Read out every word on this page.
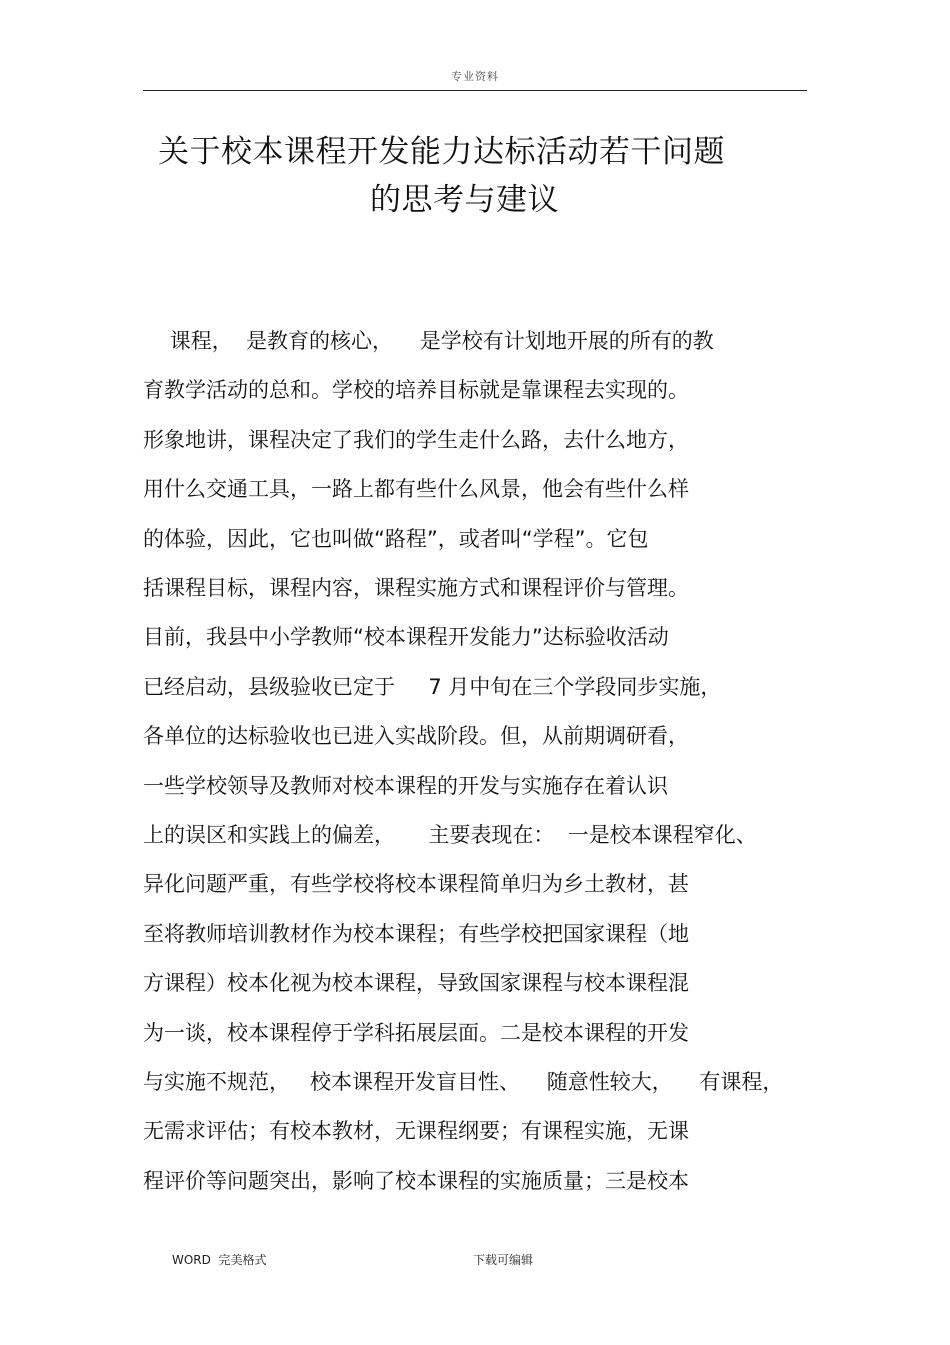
专业资料
关于校本课程开发能力达标活动若干问题
的思考与建议
课程，  是教育的核心，    是学校有计划地开展的所有的教
育教学活动的总和。学校的培养目标就是靠课程去实现的。
形象地讲，课程决定了我们的学生走什么路，去什么地方，
用什么交通工具，一路上都有些什么风景，他会有些什么样
的体验，因此，它也叫做“路程”，或者叫“学程”。它包
括课程目标，课程内容，课程实施方式和课程评价与管理。
目前，我县中小学教师“校本课程开发能力”达标验收活动
已经启动，县级验收已定于     7 月中旬在三个学段同步实施，
各单位的达标验收也已进入实战阶段。但，从前期调研看，
一些学校领导及教师对校本课程的开发与实施存在着认识
上的误区和实践上的偏差，     主要表现在：  一是校本课程窄化、
异化问题严重，有些学校将校本课程简单归为乡土教材，甚
至将教师培训教材作为校本课程；有些学校把国家课程（地
方课程）校本化视为校本课程，导致国家课程与校本课程混
为一谈，校本课程停于学科拓展层面。二是校本课程的开发
与实施不规范，   校本课程开发盲目性、    随意性较大，    有课程，
无需求评估；有校本教材，无课程纲要；有课程实施，无课
程评价等问题突出，影响了校本课程的实施质量；三是校本
WORD  完美格式	下载可编辑
